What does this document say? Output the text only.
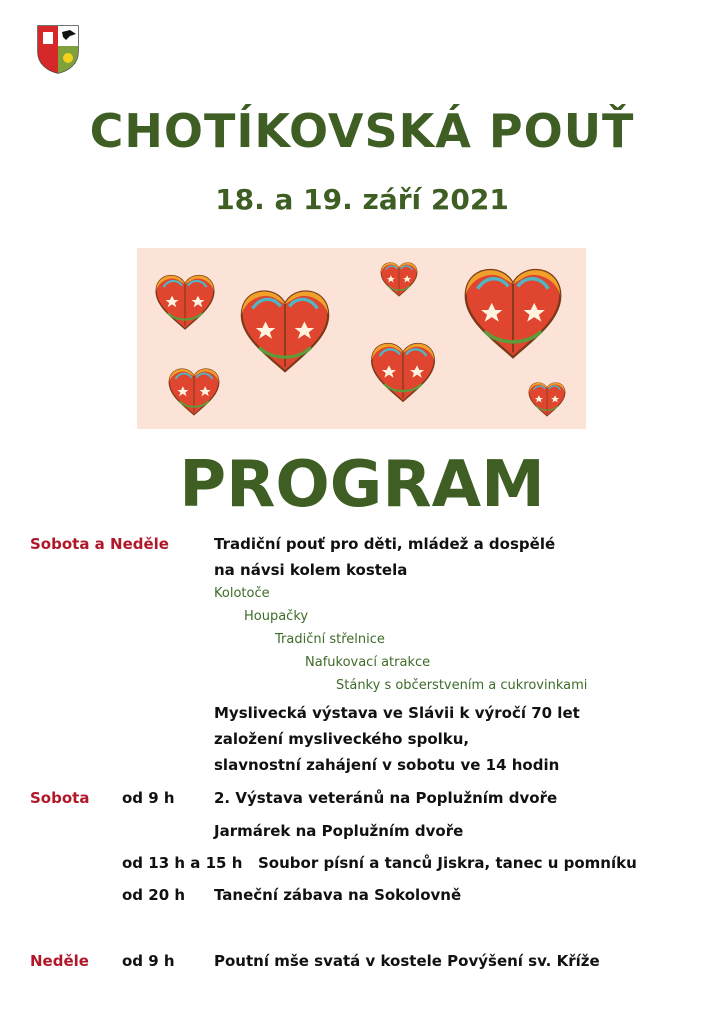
CHOTÍKOVSKÁ POUŤ
18. a 19. září 2021
PROGRAM
Sobota a Neděle	Tradiční pouť pro děti, mládež a dospělé
na návsi kolem kostela
Kolotoče
Houpačky
Tradiční střelnice
Nafukovací atrakce
Stánky s občerstvením a cukrovinkami
Myslivecká výstava ve Slávii k výročí 70 let
založení mysliveckého spolku,
slavnostní zahájení v sobotu ve 14 hodin
Sobota od 9 h	2. Výstava veteránů na Poplužním dvoře
Jarmárek na Poplužním dvoře
od 13 h a 15 h Soubor písní a tanců Jiskra, tanec u pomníku
od 20 h Taneční zábava na Sokolovně
Neděle od 9 h	Poutní mše svatá v kostele Povýšení sv. Kříže
